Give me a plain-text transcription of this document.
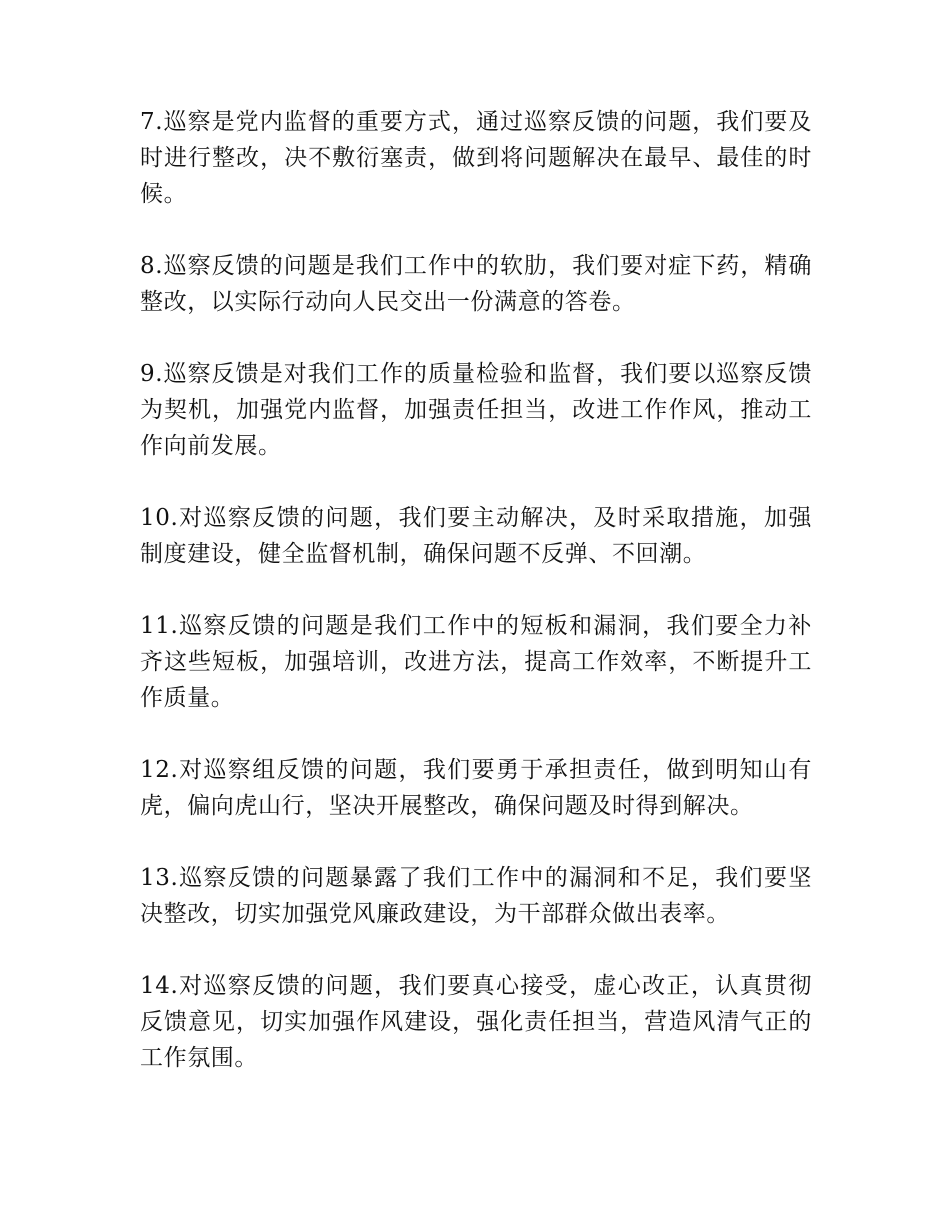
7.巡察是党内监督的重要方式，通过巡察反馈的问题，我们要及时进行整改，决不敷衍塞责，做到将问题解决在最早、最佳的时候。

8.巡察反馈的问题是我们工作中的软肋，我们要对症下药，精确整改，以实际行动向人民交出一份满意的答卷。

9.巡察反馈是对我们工作的质量检验和监督，我们要以巡察反馈为契机，加强党内监督，加强责任担当，改进工作作风，推动工作向前发展。

10.对巡察反馈的问题，我们要主动解决，及时采取措施，加强制度建设，健全监督机制，确保问题不反弹、不回潮。

11.巡察反馈的问题是我们工作中的短板和漏洞，我们要全力补齐这些短板，加强培训，改进方法，提高工作效率，不断提升工作质量。

12.对巡察组反馈的问题，我们要勇于承担责任，做到明知山有虎，偏向虎山行，坚决开展整改，确保问题及时得到解决。

13.巡察反馈的问题暴露了我们工作中的漏洞和不足，我们要坚决整改，切实加强党风廉政建设，为干部群众做出表率。

14.对巡察反馈的问题，我们要真心接受，虚心改正，认真贯彻反馈意见，切实加强作风建设，强化责任担当，营造风清气正的工作氛围。
